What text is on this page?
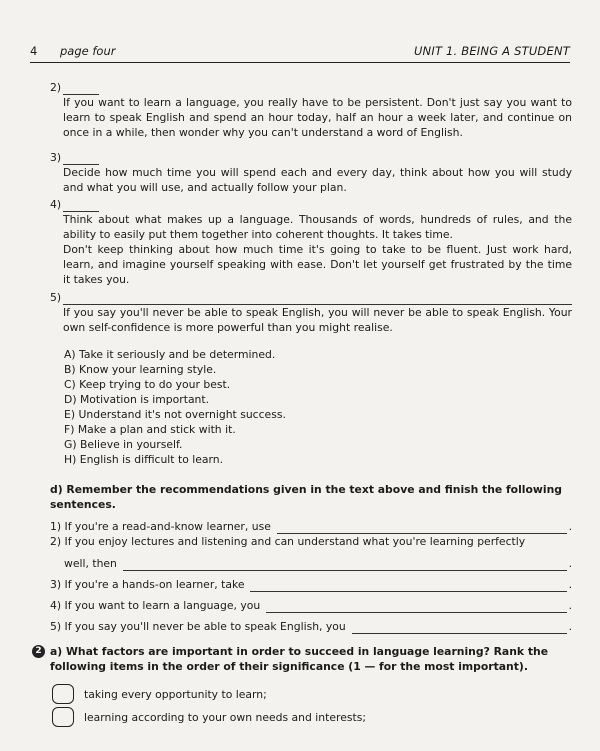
4 page four	UNIT 1. BEING A STUDENT
2)

If you want to learn a language, you really have to be persistent. Don't just say you want to learn to speak English and spend an hour today, half an hour a week later, and continue on once in a while, then wonder why you can't understand a word of English.

3)

Decide how much time you will spend each and every day, think about how you will study and what you will use, and actually follow your plan.

4)

Think about what makes up a language. Thousands of words, hundreds of rules, and the ability to easily put them together into coherent thoughts. It takes time.

Don't keep thinking about how much time it's going to take to be fluent. Just work hard, learn, and imagine yourself speaking with ease. Don't let yourself get frustrated by the time it takes you.

5)

If you say you'll never be able to speak English, you will never be able to speak English. Your own self-confidence is more powerful than you might realise.

A) Take it seriously and be determined.
B) Know your learning style.
C) Keep trying to do your best.
D) Motivation is important.
E) Understand it's not overnight success.
F) Make a plan and stick with it.
G) Believe in yourself.
H) English is difficult to learn.
d) Remember the recommendations given in the text above and finish the following sentences.
1) If you're a read-and-know learner, use	.
2) If you enjoy lectures and listening and can understand what you're learning perfectly
well, then	.
3) If you're a hands-on learner, take	.
4) If you want to learn a language, you	.
5) If you say you'll never be able to speak English, you	.
2 a) What factors are important in order to succeed in language learning? Rank the following items in the order of their significance (1 — for the most important).
taking every opportunity to learn;
learning according to your own needs and interests;
